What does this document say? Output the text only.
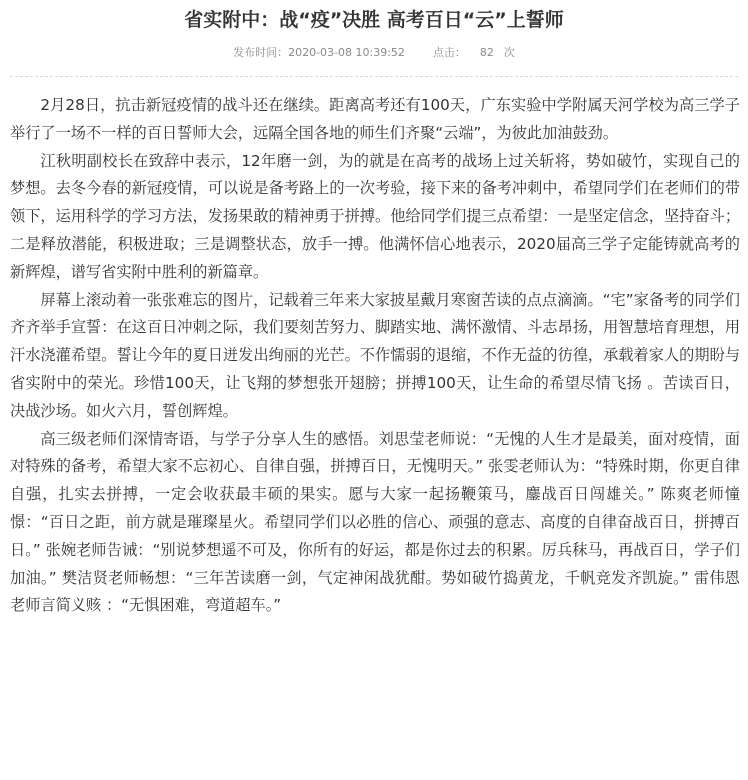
省实附中：战“疫”决胜 高考百日“云”上誓师
发布时间：2020-03-08 10:39:52	点击： 82 次

2月28日，抗击新冠疫情的战斗还在继续。距离高考还有100天，广东实验中学附属天河学校为高三学子举行了一场不一样的百日誓师大会，远隔全国各地的师生们齐聚“云端”，为彼此加油鼓劲。

江秋明副校长在致辞中表示，12年磨一剑，为的就是在高考的战场上过关斩将，势如破竹，实现自己的梦想。去冬今春的新冠疫情，可以说是备考路上的一次考验，接下来的备考冲刺中，希望同学们在老师们的带领下，运用科学的学习方法，发扬果敢的精神勇于拼搏。他给同学们提三点希望：一是坚定信念，坚持奋斗；二是释放潜能，积极进取；三是调整状态，放手一搏。他满怀信心地表示，2020届高三学子定能铸就高考的新辉煌，谱写省实附中胜利的新篇章。

屏幕上滚动着一张张难忘的图片，记载着三年来大家披星戴月寒窗苦读的点点滴滴。“宅”家备考的同学们齐齐举手宣誓：在这百日冲刺之际，我们要刻苦努力、脚踏实地、满怀激情、斗志昂扬，用智慧培育理想，用汗水浇灌希望。誓让今年的夏日迸发出绚丽的光芒。不作懦弱的退缩，不作无益的彷徨，承载着家人的期盼与省实附中的荣光。珍惜100天，让飞翔的梦想张开翅膀；拼搏100天，让生命的希望尽情飞扬 。苦读百日，决战沙场。如火六月，誓创辉煌。

高三级老师们深情寄语，与学子分享人生的感悟。刘思莹老师说：“无愧的人生才是最美，面对疫情，面对特殊的备考，希望大家不忘初心、自律自强，拼搏百日，无愧明天。” 张雯老师认为：“特殊时期，你更自律自强，扎实去拼搏，一定会收获最丰硕的果实。愿与大家一起扬鞭策马，鏖战百日闯雄关。” 陈爽老师憧憬：“百日之距，前方就是璀璨星火。希望同学们以必胜的信心、顽强的意志、高度的自律奋战百日，拼搏百日。” 张婉老师告诫：“别说梦想遥不可及，你所有的好运，都是你过去的积累。厉兵秣马，再战百日，学子们加油。” 樊洁贤老师畅想：“三年苦读磨一剑，气定神闲战犹酣。势如破竹捣黄龙，千帆竞发齐凯旋。” 雷伟恩老师言简义赅 ：“无惧困难，弯道超车。”
